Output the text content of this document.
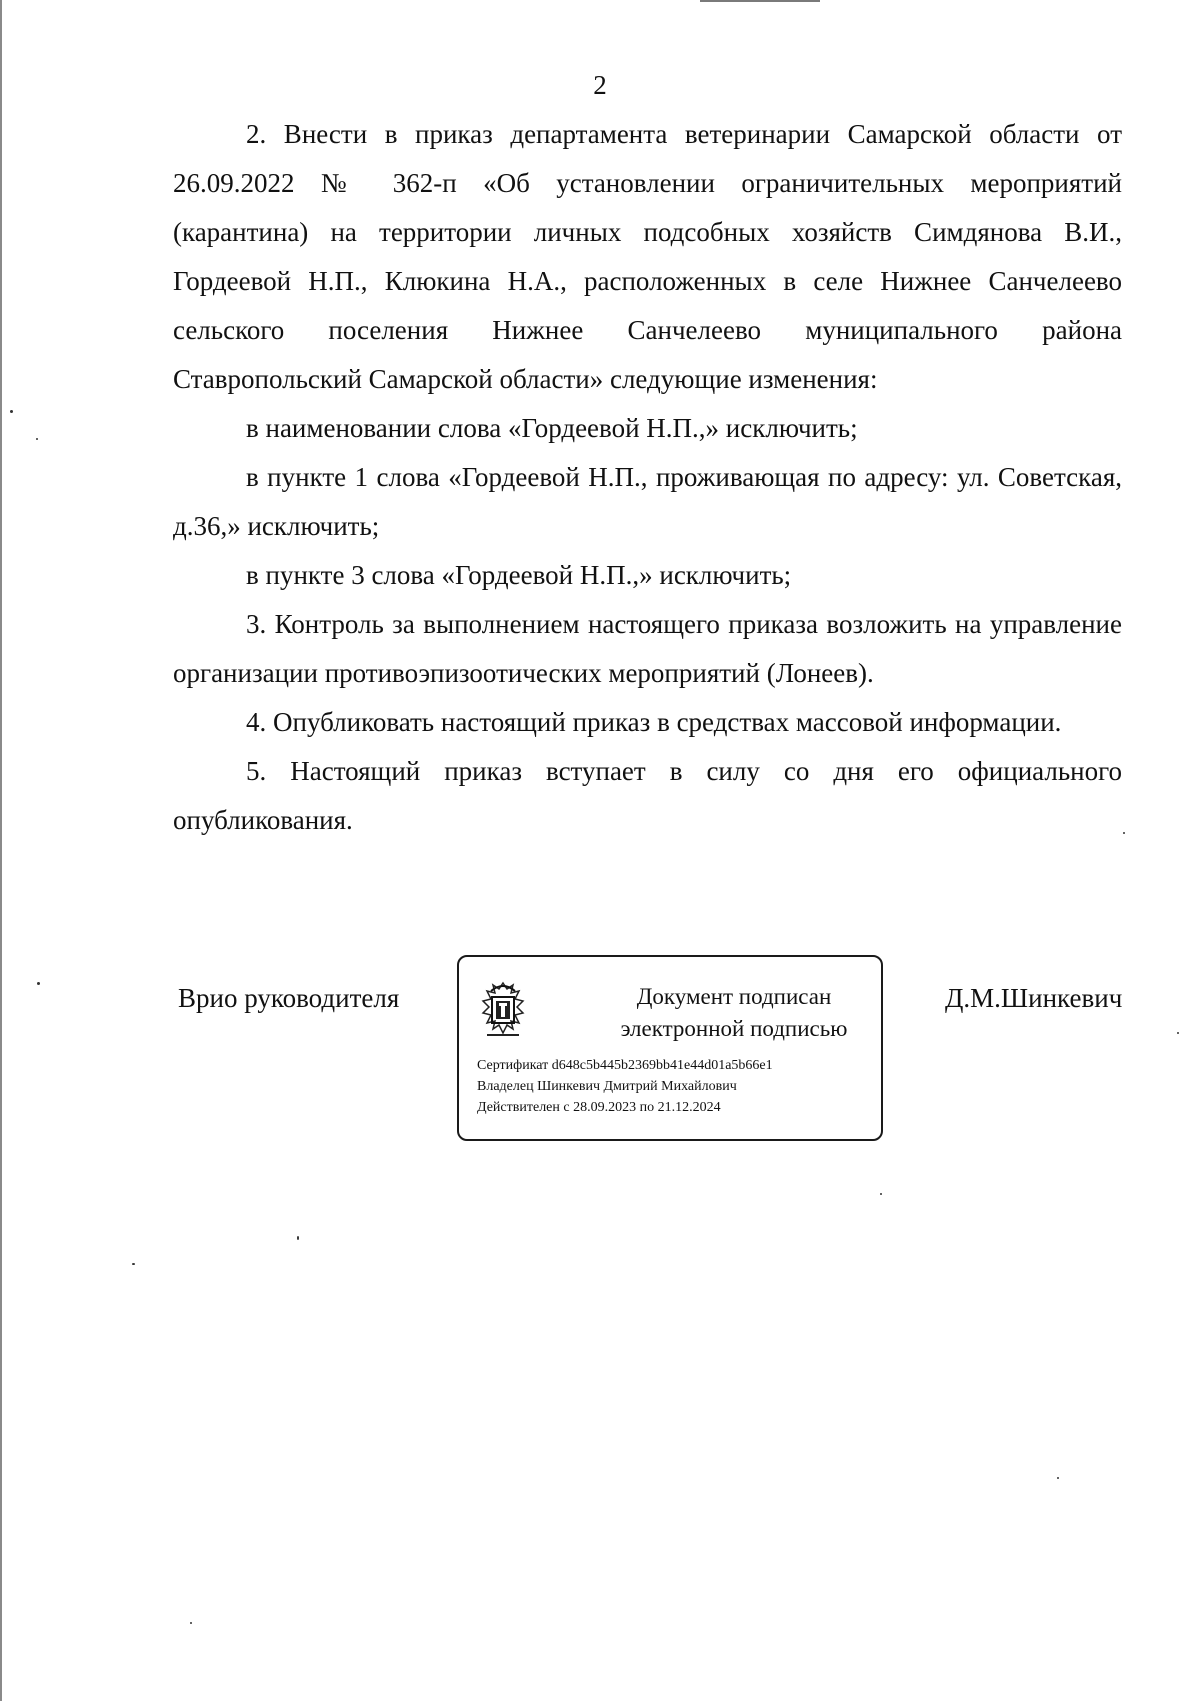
2

2. Внести в приказ департамента ветеринарии Самарской области от 26.09.2022 № 362-п «Об установлении ограничительных мероприятий (карантина) на территории личных подсобных хозяйств Симдянова В.И., Гордеевой Н.П., Клюкина Н.А., расположенных в селе Нижнее Санчелеево сельского поселения Нижнее Санчелеево муниципального района Ставропольский Самарской области» следующие изменения:

в наименовании слова «Гордеевой Н.П.,» исключить;

в пункте 1 слова «Гордеевой Н.П., проживающая по адресу: ул. Советская, д.36,» исключить;

в пункте 3 слова «Гордеевой Н.П.,» исключить;

3. Контроль за выполнением настоящего приказа возложить на управление организации противоэпизоотических мероприятий (Лонеев).

4. Опубликовать настоящий приказ в средствах массовой информации.

5. Настоящий приказ вступает в силу со дня его официального опубликования.

Врио руководителя	Документ подписан
электронной подписью
Сертификат d648c5b445b2369bb41e44d01a5b66e1
Владелец Шинкевич Дмитрий Михайлович
Действителен с 28.09.2023 по 21.12.2024
Д.М.Шинкевич
